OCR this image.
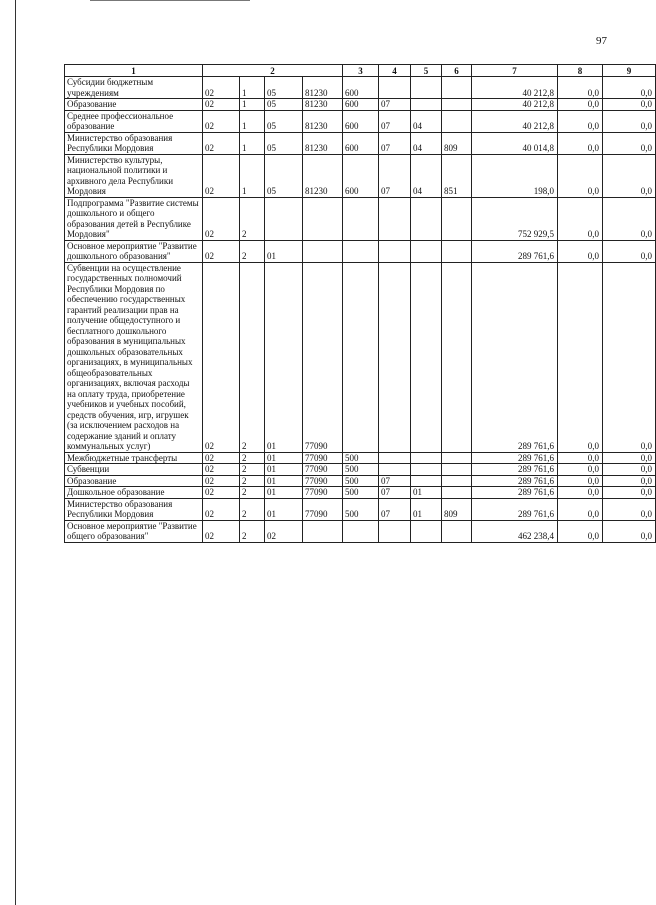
97
1	2				3	4	5	6	7	8	9
Субсидии бюджетным учреждениям	02	1	05	81230	600				40 212,8	0,0	0,0
Образование	02	1	05	81230	600	07			40 212,8	0,0	0,0
Среднее профессиональное образование	02	1	05	81230	600	07	04		40 212,8	0,0	0,0
Министерство образования Республики Мордовия	02	1	05	81230	600	07	04	809	40 014,8	0,0	0,0
Министерство культуры, национальной политики и архивного дела Республики Мордовия	02	1	05	81230	600	07	04	851	198,0	0,0	0,0
Подпрограмма "Развитие системы дошкольного и общего образования детей в Республике Мордовия"	02	2							752 929,5	0,0	0,0
Основное мероприятие "Развитие дошкольного образования"	02	2	01						289 761,6	0,0	0,0
Субвенции на осуществление государственных полномочий Республики Мордовия по обеспечению государственных гарантий реализации прав на получение общедоступного и бесплатного дошкольного образования в муниципальных дошкольных образовательных организациях, в муниципальных общеобразовательных организациях, включая расходы на оплату труда, приобретение учебников и учебных пособий, средств обучения, игр, игрушек (за исключением расходов на содержание зданий и оплату коммунальных услуг)	02	2	01	77090					289 761,6	0,0	0,0
Межбюджетные трансферты	02	2	01	77090	500				289 761,6	0,0	0,0
Субвенции	02	2	01	77090	500				289 761,6	0,0	0,0
Образование	02	2	01	77090	500	07			289 761,6	0,0	0,0
Дошкольное образование	02	2	01	77090	500	07	01		289 761,6	0,0	0,0
Министерство образования Республики Мордовия	02	2	01	77090	500	07	01	809	289 761,6	0,0	0,0
Основное мероприятие "Развитие общего образования"	02	2	02						462 238,4	0,0	0,0
